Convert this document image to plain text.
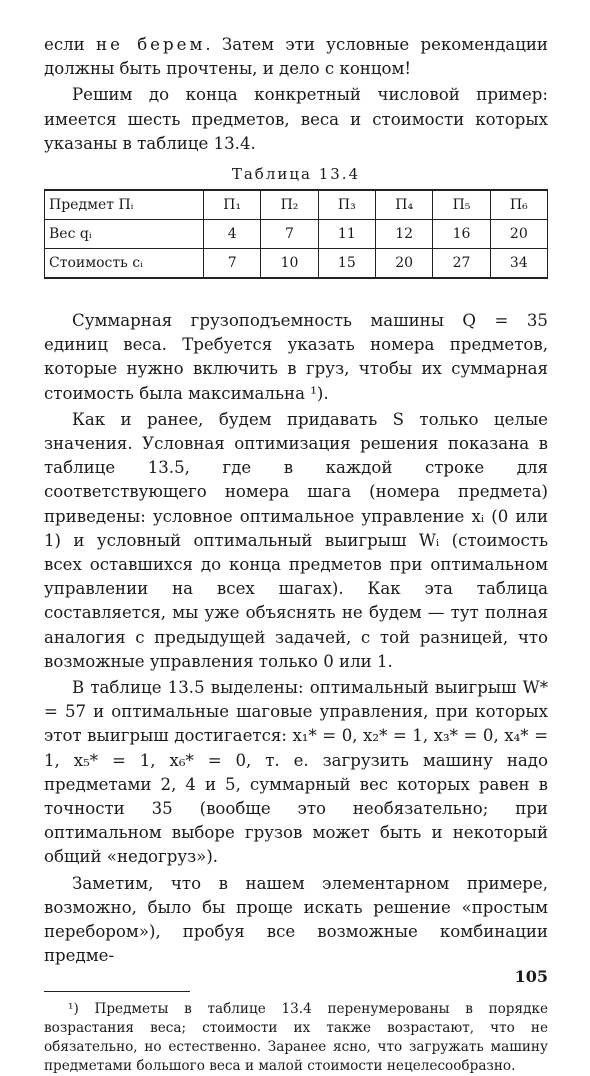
если не берем. Затем эти условные рекомендации должны быть прочтены, и дело с концом!

Решим до конца конкретный числовой пример: имеется шесть предметов, веса и стоимости которых указаны в таблице 13.4.

Таблица 13.4
Предмет Пᵢ	П₁	П₂	П₃	П₄	П₅	П₆
Вес qᵢ	4	7	11	12	16	20
Стоимость cᵢ	7	10	15	20	27	34

Суммарная грузоподъемность машины Q = 35 единиц веса. Требуется указать номера предметов, которые нужно включить в груз, чтобы их суммарная стоимость была максимальна ¹).

Как и ранее, будем придавать S только целые значения. Условная оптимизация решения показана в таблице 13.5, где в каждой строке для соответствующего номера шага (номера предмета) приведены: условное оптимальное управление xᵢ (0 или 1) и условный оптимальный выигрыш Wᵢ (стоимость всех оставшихся до конца предметов при оптимальном управлении на всех шагах). Как эта таблица составляется, мы уже объяснять не будем — тут полная аналогия с предыдущей задачей, с той разницей, что возможные управления только 0 или 1.

В таблице 13.5 выделены: оптимальный выигрыш W* = 57 и оптимальные шаговые управления, при которых этот выигрыш достигается: x₁* = 0, x₂* = 1, x₃* = 0, x₄* = 1, x₅* = 1, x₆* = 0, т. е. загрузить машину надо предметами 2, 4 и 5, суммарный вес которых равен в точности 35 (вообще это необязательно; при оптимальном выборе грузов может быть и некоторый общий «недогруз»).

Заметим, что в нашем элементарном примере, возможно, было бы проще искать решение «простым перебором»), пробуя все возможные комбинации предме-

¹) Предметы в таблице 13.4 перенумерованы в порядке возрастания веса; стоимости их также возрастают, что не обязательно, но естественно. Заранее ясно, что загружать машину предметами большого веса и малой стоимости нецелесообразно.

105
